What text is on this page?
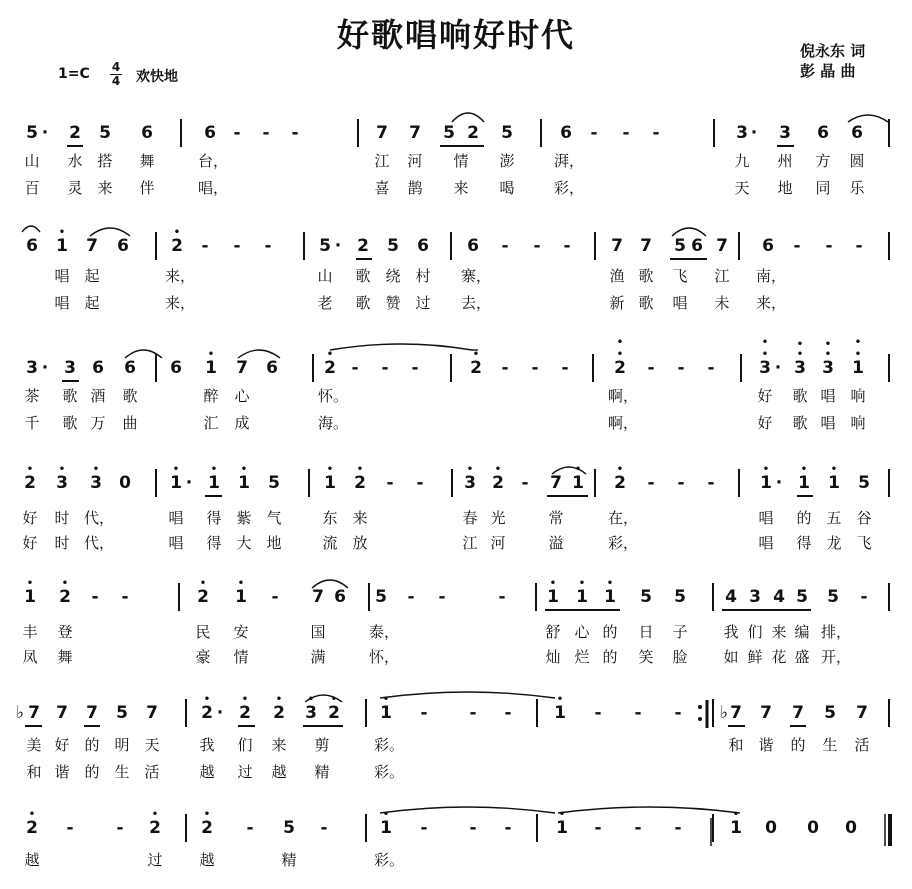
好歌唱响好时代	倪永东 词
彭 晶 曲
1=C 4
4 欢快地
5 ·	2 5 6	6	-	-	-	7 7 5 2 5	6	-	-	-	3 ·	3 6 6
山	水 搭	舞	台，	江	河	情	澎	湃，	九	州	方	圆
百	灵 来	伴	唱，	喜	鹊	来	喝	彩，	天	地	同	乐
6 1 7 6 2	-	-	-	5 · 2 5 6 6	-	-	-	7 7 5 6 7 6	-	-	-
唱 起	来，	山	歌 绕 村	寨，	渔 歌	飞	江	南，
唱 起	来，	老	歌 赞 过	去，	新 歌	唱	未	来，
3 · 3 6 6 6 1 7 6	2 -	-	-	2	-	-	-	2	-	-	-	3 · 3 3 1
茶	歌 酒	歌	醉	心	怀。	啊，	好	歌 唱 响
千	歌 万	曲	汇	成	海。	啊，	好	歌 唱 响
2 3 3 0 1 · 1 1 5	1 2	-	-	3 2	-	7 1 2	-	-	-	1 · 1 1 5
好	时 代，	唱	得 紫 气	东 来	春 光	常	在，	唱	的 五 谷
好	时 代，	唱	得 大 地	流 放	江 河	溢	彩，	唱	得 龙 飞
1 2	-	-	2 1	-	7 6 5	-	-	-	1 1 1 5 5 4 3 4 5 5	-
丰	登	民	安	国	泰，	舒 心 的	日	子	我 们 来 编 排，
凤	舞	豪	情	满	怀，	灿 烂 的	笑	脸	如 鲜 花 盛 开，
♭ 7 7 7 5 7	2 · 2 2 3 2 1	-	-	-	1	-	-	-	♭ 7 7 7 5 7
美 好 的 明 天	我	们	来	剪	彩。	和 谐	的	生	活
和 谐 的 生 活	越	过	越	精	彩。
2	-	-	2 2	-	5	-	1	-	-	-	1	-	-	-	1 0 0 0
越	过	越	精	彩。
•	•
•	•	•	•
•
•	•	•	•
•
•
•	•	•	•	•	•	•	•	•	•	•	•	•	•	•
•	•	•	•	•	•	•
•	•	•	•	•	•	•
•	•	•	•	•	•
•	•
